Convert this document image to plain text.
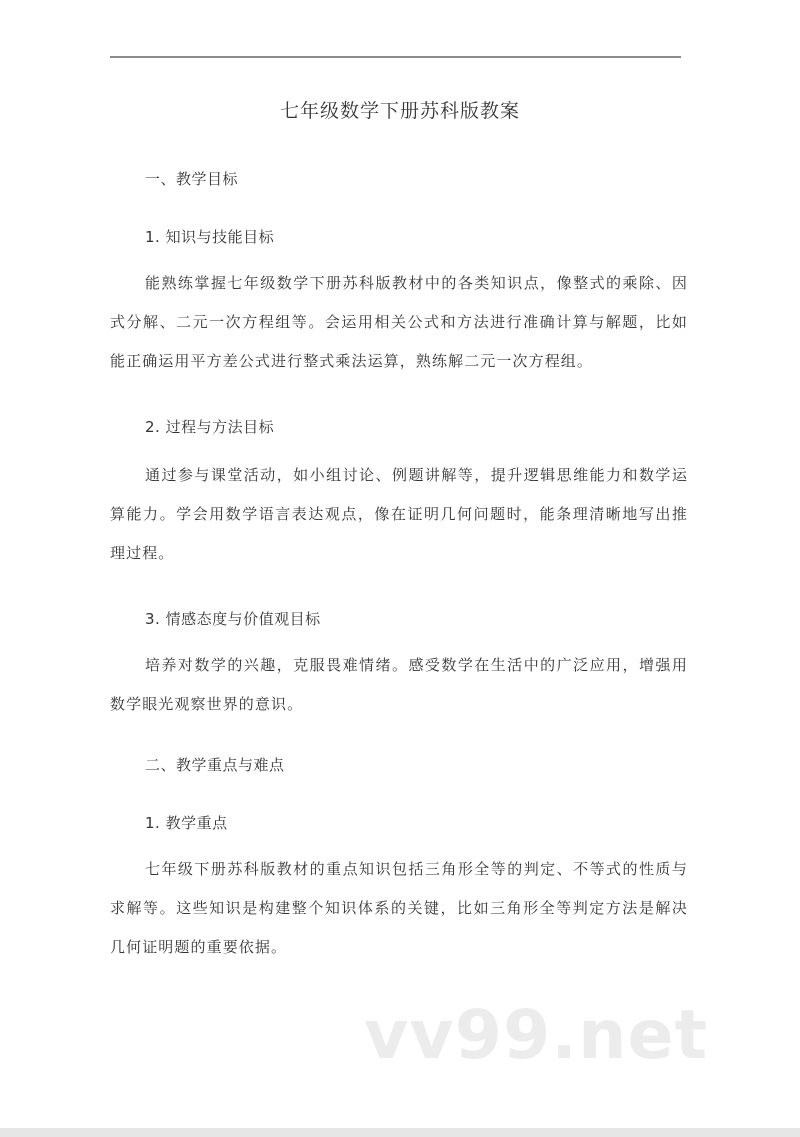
七年级数学下册苏科版教案
一、教学目标
1. 知识与技能目标
能熟练掌握七年级数学下册苏科版教材中的各类知识点，像整式的乘除、因式分解、二元一次方程组等。会运用相关公式和方法进行准确计算与解题，比如能正确运用平方差公式进行整式乘法运算，熟练解二元一次方程组。
2. 过程与方法目标
通过参与课堂活动，如小组讨论、例题讲解等，提升逻辑思维能力和数学运算能力。学会用数学语言表达观点，像在证明几何问题时，能条理清晰地写出推理过程。
3. 情感态度与价值观目标
培养对数学的兴趣，克服畏难情绪。感受数学在生活中的广泛应用，增强用数学眼光观察世界的意识。
二、教学重点与难点
1. 教学重点
七年级下册苏科版教材的重点知识包括三角形全等的判定、不等式的性质与求解等。这些知识是构建整个知识体系的关键，比如三角形全等判定方法是解决几何证明题的重要依据。
vv99.net
